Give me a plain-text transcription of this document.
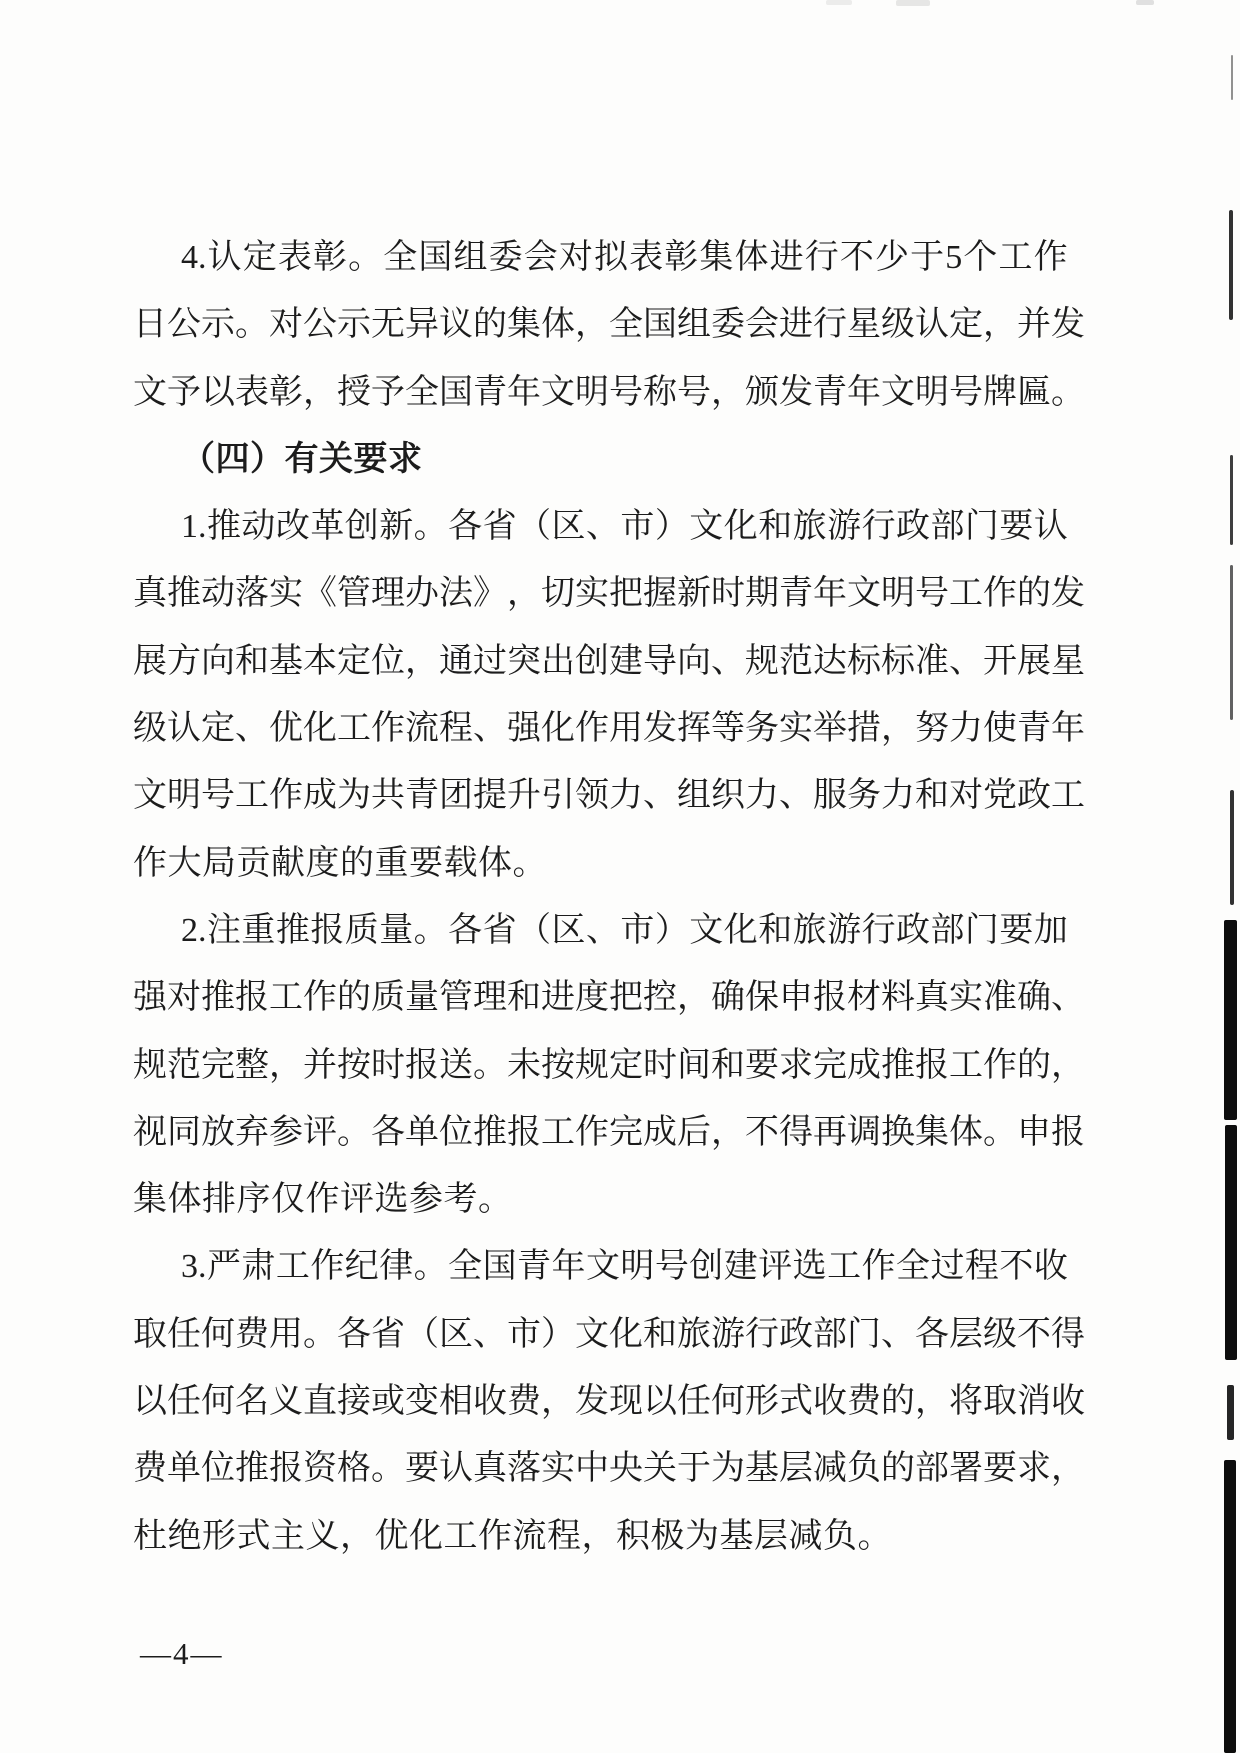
4. 认 定 表 彰 。 全 国 组 委 会 对 拟 表 彰 集 体 进 行 不 少 于 5 个 工 作
日 公 示 。 对 公 示 无 异 议 的 集 体 ， 全 国 组 委 会 进 行 星 级 认 定 ， 并 发
文 予 以 表 彰 ， 授 予 全 国 青 年 文 明 号 称 号 ， 颁 发 青 年 文 明 号 牌 匾 。
（四）有关要求
1. 推 动 改 革 创 新 。 各 省 （ 区 、 市 ） 文 化 和 旅 游 行 政 部 门 要 认
真 推 动 落 实 《 管 理 办 法 》 ， 切 实 把 握 新 时 期 青 年 文 明 号 工 作 的 发
展 方 向 和 基 本 定 位 ， 通 过 突 出 创 建 导 向 、 规 范 达 标 标 准 、 开 展 星
级 认 定 、 优 化 工 作 流 程 、 强 化 作 用 发 挥 等 务 实 举 措 ， 努 力 使 青 年
文 明 号 工 作 成 为 共 青 团 提 升 引 领 力 、 组 织 力 、 服 务 力 和 对 党 政 工
作大局贡献度的重要载体。
2. 注 重 推 报 质 量 。 各 省 （ 区 、 市 ） 文 化 和 旅 游 行 政 部 门 要 加
强 对 推 报 工 作 的 质 量 管 理 和 进 度 把 控 ， 确 保 申 报 材 料 真 实 准 确 、
规 范 完 整 ， 并 按 时 报 送 。 未 按 规 定 时 间 和 要 求 完 成 推 报 工 作 的 ，
视 同 放 弃 参 评 。 各 单 位 推 报 工 作 完 成 后 ， 不 得 再 调 换 集 体 。 申 报
集体排序仅作评选参考。
3. 严 肃 工 作 纪 律 。 全 国 青 年 文 明 号 创 建 评 选 工 作 全 过 程 不 收
取 任 何 费 用 。 各 省 （ 区 、 市 ） 文 化 和 旅 游 行 政 部 门 、 各 层 级 不 得
以 任 何 名 义 直 接 或 变 相 收 费 ， 发 现 以 任 何 形 式 收 费 的 ， 将 取 消 收
费 单 位 推 报 资 格 。 要 认 真 落 实 中 央 关 于 为 基 层 减 负 的 部 署 要 求 ，
杜绝形式主义，优化工作流程，积极为基层减负。
—4—
